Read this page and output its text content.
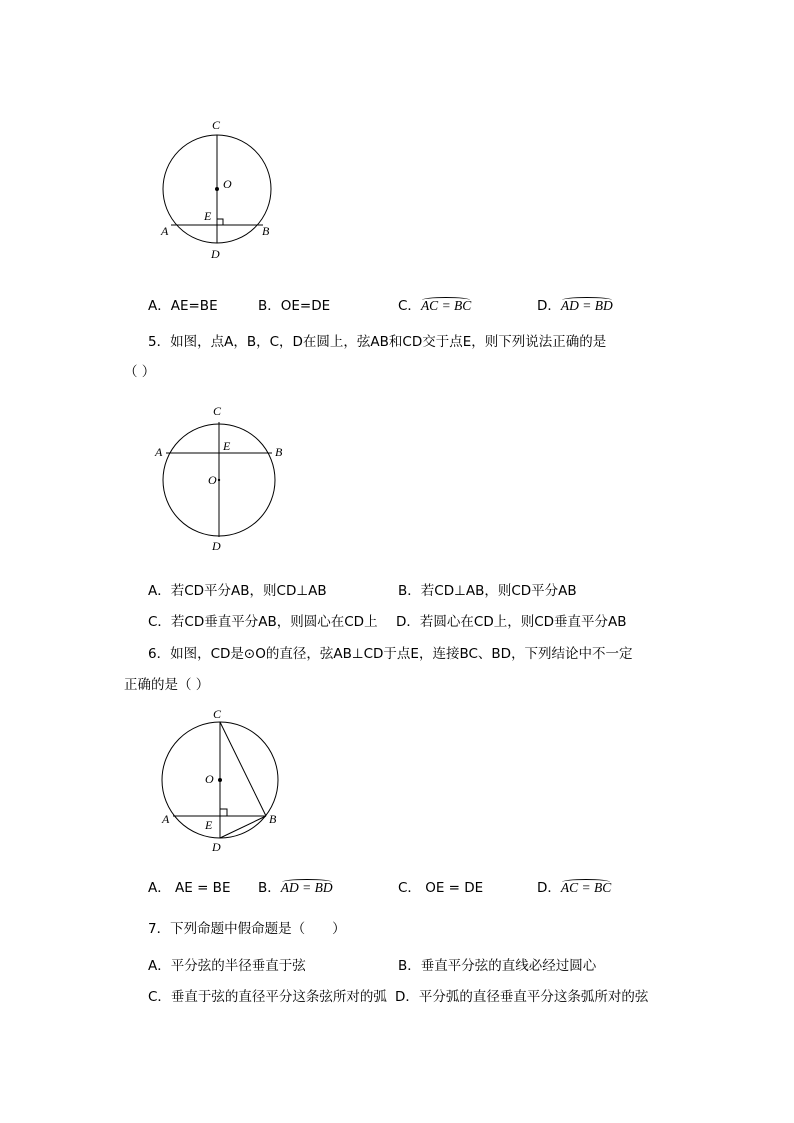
C
O
E
A	B
D
A．AE=BE	B．OE=DE	C．AC = BC	D．AD = BD
5．如图，点A，B，C，D在圆上，弦AB和CD交于点E，则下列说法正确的是
（ ）
C
A	E	B
O
D
A．若CD平分AB，则CD⊥AB	B．若CD⊥AB，则CD平分AB
C．若CD垂直平分AB，则圆心在CD上 D．若圆心在CD上，则CD垂直平分AB
6．如图，CD是⊙O的直径，弦AB⊥CD于点E，连接BC、BD，下列结论中不一定
正确的是（ ）
C
O
A	E	B
D
A． AE = BE B．AD = BD	C． OE = DE	D．AC = BC
7．下列命题中假命题是（　　）
A．平分弦的半径垂直于弦	B．垂直平分弦的直线必经过圆心
C．垂直于弦的直径平分这条弦所对的弧 D．平分弧的直径垂直平分这条弧所对的弦
